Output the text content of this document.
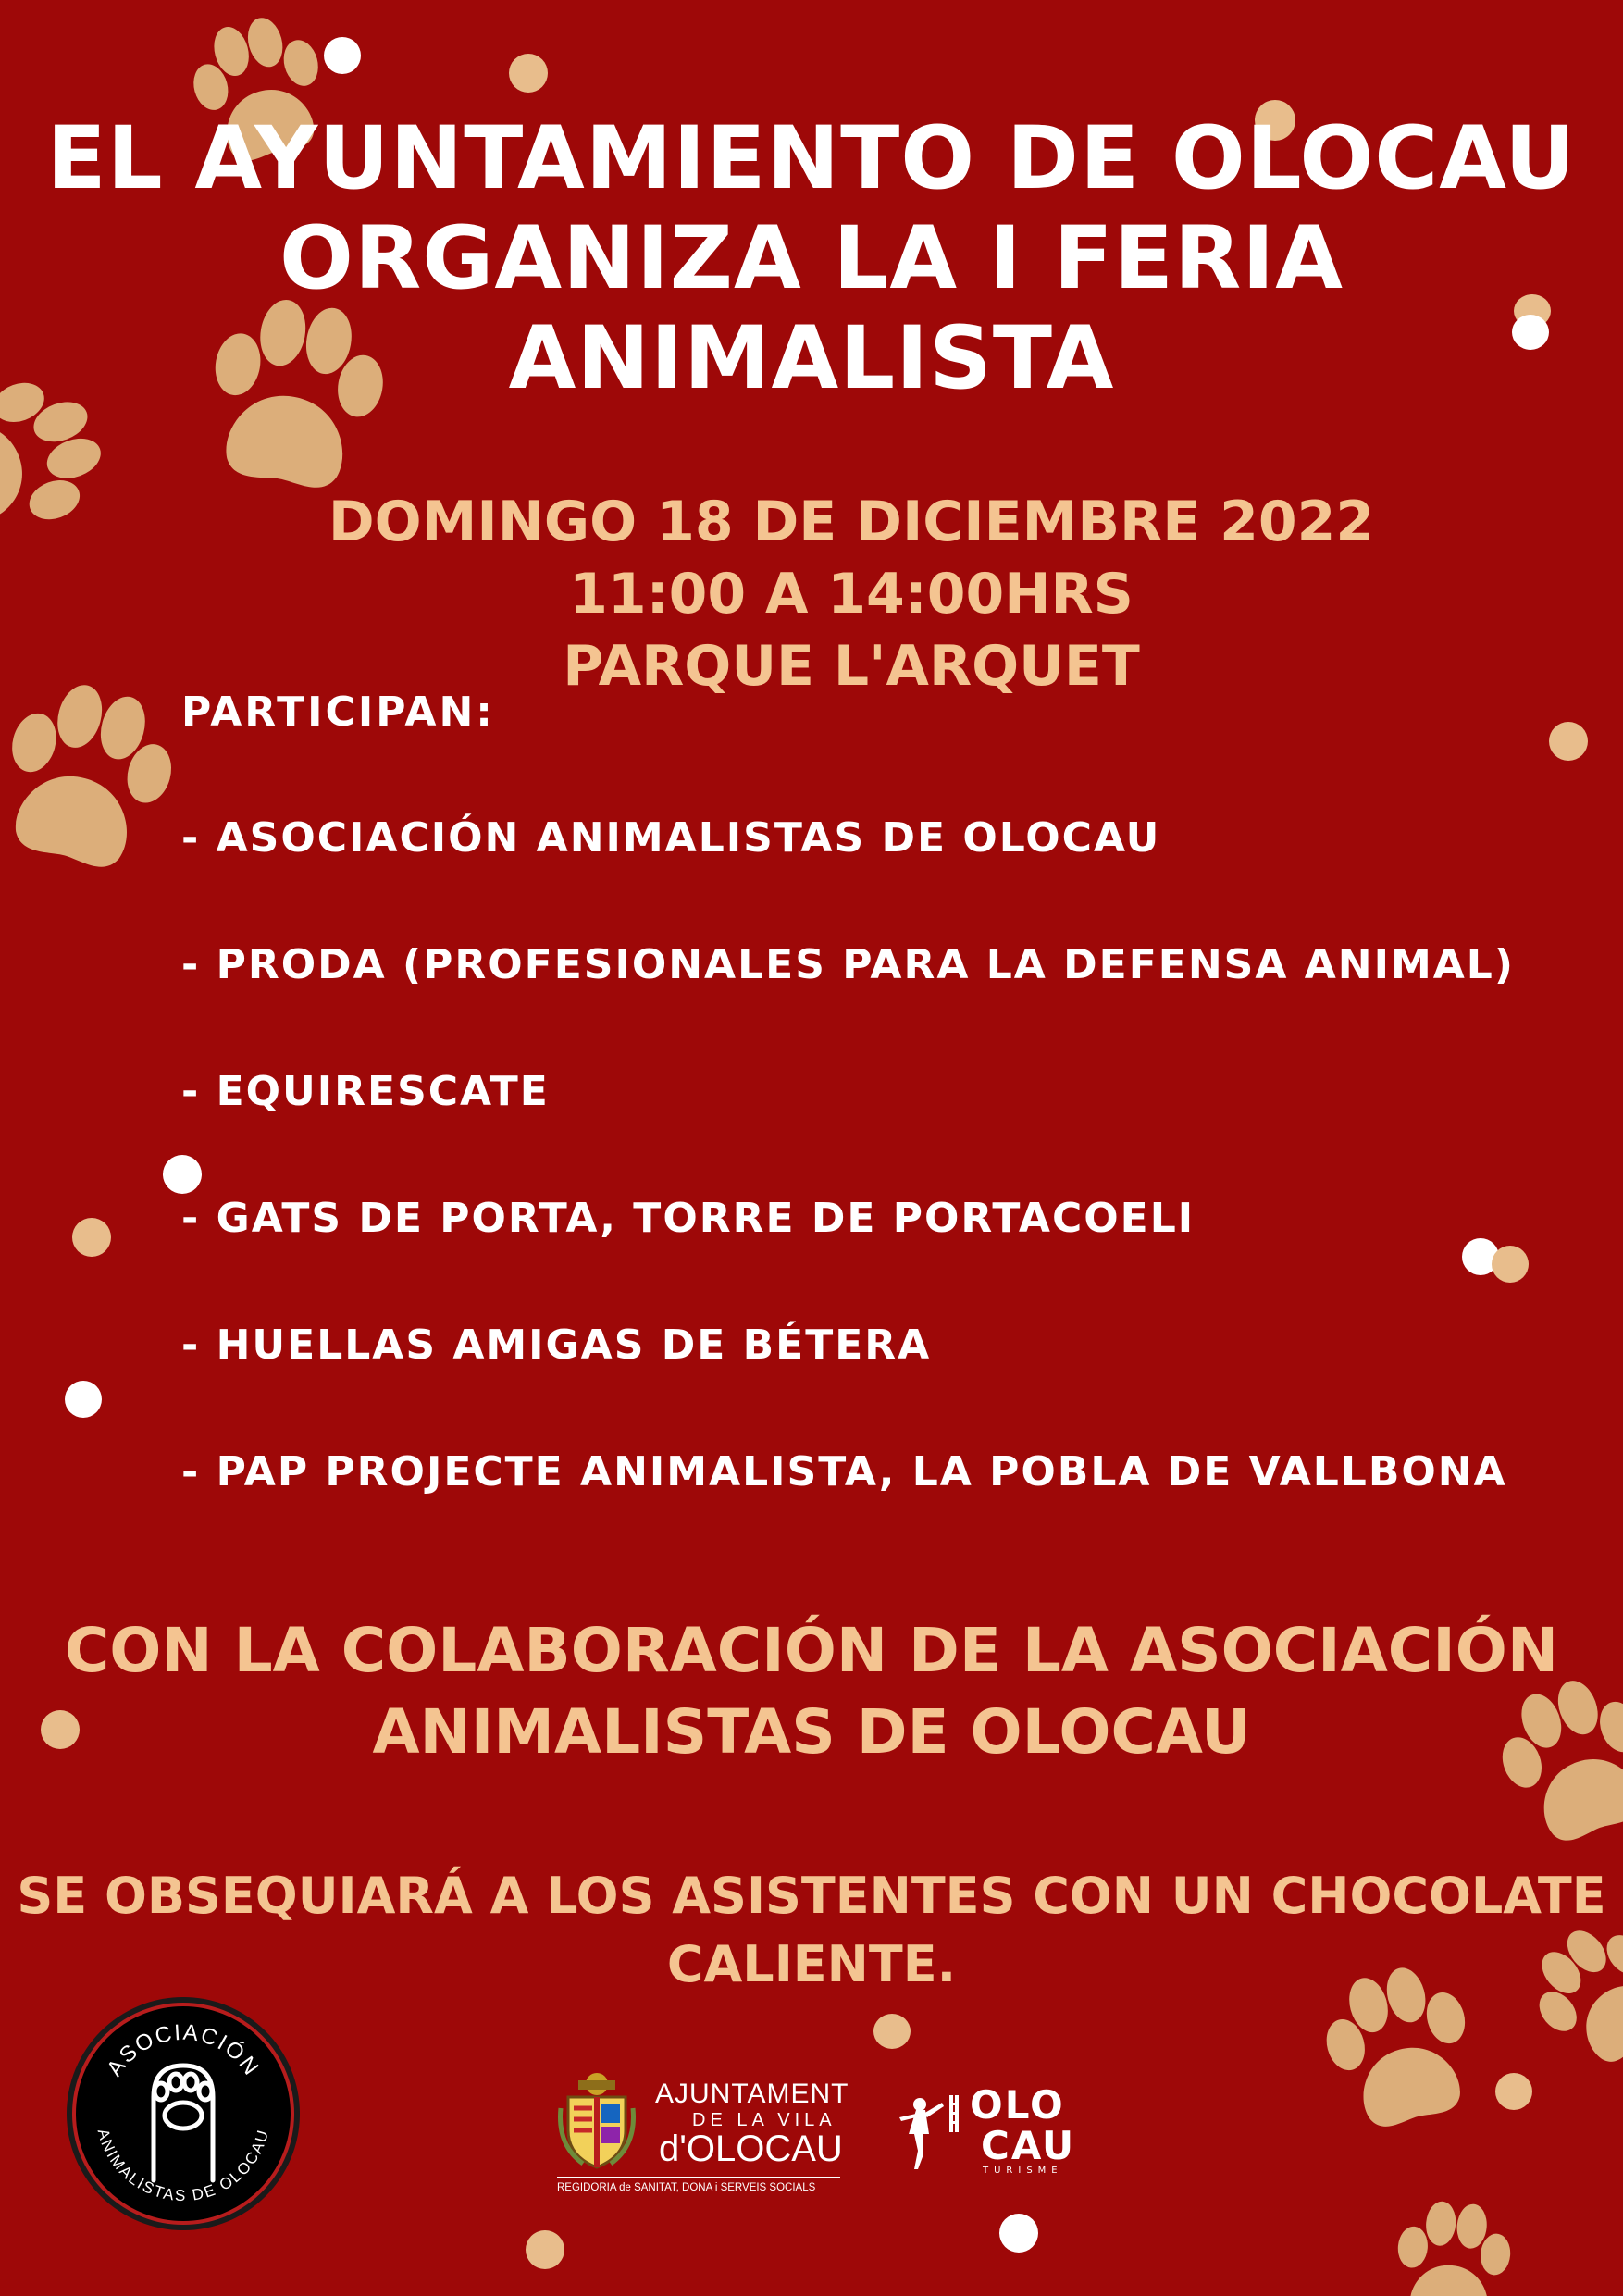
EL AYUNTAMIENTO DE OLOCAU
ORGANIZA LA I FERIA
ANIMALISTA
DOMINGO 18 DE DICIEMBRE 2022
11:00 A 14:00HRS
PARQUE L'ARQUET
PARTICIPAN:
- ASOCIACIÓN ANIMALISTAS DE OLOCAU
- PRODA (PROFESIONALES PARA LA DEFENSA ANIMAL)
- EQUIRESCATE
- GATS DE PORTA, TORRE DE PORTACOELI
- HUELLAS AMIGAS DE BÉTERA
- PAP PROJECTE ANIMALISTA, LA POBLA DE VALLBONA
CON LA COLABORACIÓN DE LA ASOCIACIÓN
ANIMALISTAS DE OLOCAU
SE OBSEQUIARÁ A LOS ASISTENTES CON UN CHOCOLATE
CALIENTE.
ASOCIACIÓN
ANIMALISTAS DE OLOCAU
AJUNTAMENT
DE LA VILA
d'OLOCAU
REGIDORIA de SANITAT, DONA i SERVEIS SOCIALS
OLO
CAU
TURISME
